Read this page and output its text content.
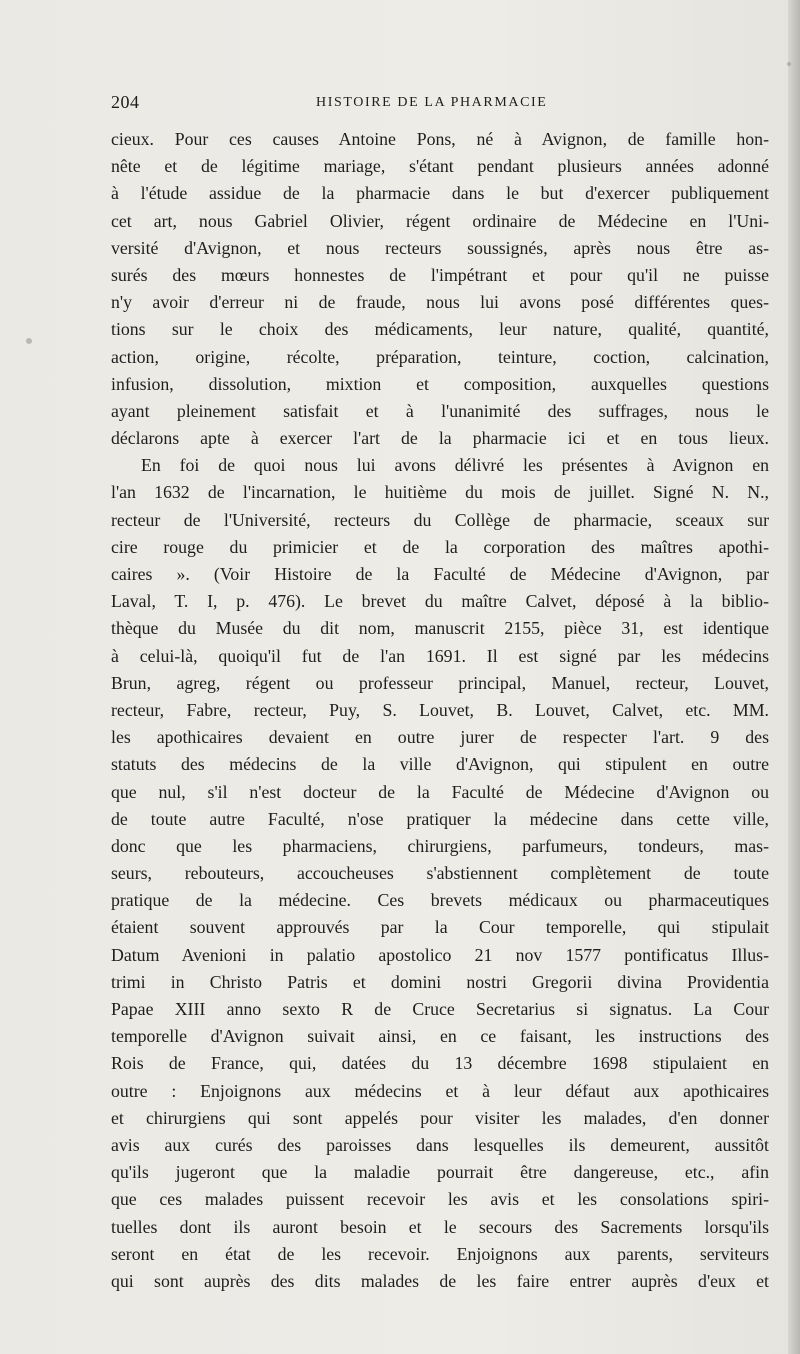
204	HISTOIRE DE LA PHARMACIE
cieux. Pour ces causes Antoine Pons, né à Avignon, de famille hon-
nête et de légitime mariage, s'étant pendant plusieurs années adonné
à l'étude assidue de la pharmacie dans le but d'exercer publiquement
cet art, nous Gabriel Olivier, régent ordinaire de Médecine en l'Uni-
versité d'Avignon, et nous recteurs soussignés, après nous être as-
surés des mœurs honnestes de l'impétrant et pour qu'il ne puisse
n'y avoir d'erreur ni de fraude, nous lui avons posé différentes ques-
tions sur le choix des médicaments, leur nature, qualité, quantité,
action, origine, récolte, préparation, teinture, coction, calcination,
infusion, dissolution, mixtion et composition, auxquelles questions
ayant pleinement satisfait et à l'unanimité des suffrages, nous le
déclarons apte à exercer l'art de la pharmacie ici et en tous lieux.
En foi de quoi nous lui avons délivré les présentes à Avignon en
l'an 1632 de l'incarnation, le huitième du mois de juillet. Signé N. N.,
recteur de l'Université, recteurs du Collège de pharmacie, sceaux sur
cire rouge du primicier et de la corporation des maîtres apothi-
caires ». (Voir Histoire de la Faculté de Médecine d'Avignon, par
Laval, T. I, p. 476). Le brevet du maître Calvet, déposé à la biblio-
thèque du Musée du dit nom, manuscrit 2155, pièce 31, est identique
à celui-là, quoiqu'il fut de l'an 1691. Il est signé par les médecins
Brun, agreg, régent ou professeur principal, Manuel, recteur, Louvet,
recteur, Fabre, recteur, Puy, S. Louvet, B. Louvet, Calvet, etc. MM.
les apothicaires devaient en outre jurer de respecter l'art. 9 des
statuts des médecins de la ville d'Avignon, qui stipulent en outre
que nul, s'il n'est docteur de la Faculté de Médecine d'Avignon ou
de toute autre Faculté, n'ose pratiquer la médecine dans cette ville,
donc que les pharmaciens, chirurgiens, parfumeurs, tondeurs, mas-
seurs, rebouteurs, accoucheuses s'abstiennent complètement de toute
pratique de la médecine. Ces brevets médicaux ou pharmaceutiques
étaient souvent approuvés par la Cour temporelle, qui stipulait
Datum Avenioni in palatio apostolico 21 nov 1577 pontificatus Illus-
trimi in Christo Patris et domini nostri Gregorii divina Providentia
Papae XIII anno sexto R de Cruce Secretarius si signatus. La Cour
temporelle d'Avignon suivait ainsi, en ce faisant, les instructions des
Rois de France, qui, datées du 13 décembre 1698 stipulaient en
outre : Enjoignons aux médecins et à leur défaut aux apothicaires
et chirurgiens qui sont appelés pour visiter les malades, d'en donner
avis aux curés des paroisses dans lesquelles ils demeurent, aussitôt
qu'ils jugeront que la maladie pourrait être dangereuse, etc., afin
que ces malades puissent recevoir les avis et les consolations spiri-
tuelles dont ils auront besoin et le secours des Sacrements lorsqu'ils
seront en état de les recevoir. Enjoignons aux parents, serviteurs
qui sont auprès des dits malades de les faire entrer auprès d'eux et
